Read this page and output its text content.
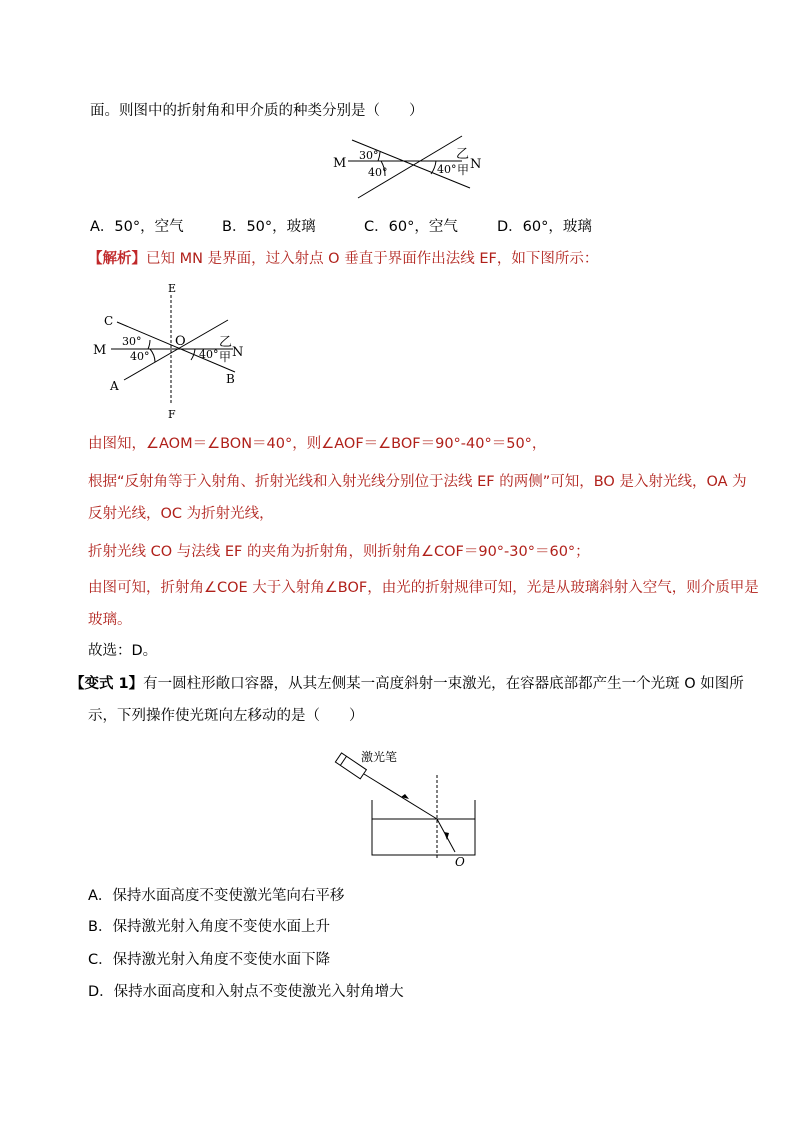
面。则图中的折射角和甲介质的种类分别是（　　）
M	N
30°
40°	40°
乙
甲
A．50°，空气	B．50°，玻璃	C．60°，空气	D．60°，玻璃
【解析】已知 MN 是界面，过入射点 O 垂直于界面作出法线 EF，如下图所示：
E
F
C
O
M	N
A	B
30°
40°	40°
乙
甲
由图知，∠AOM＝∠BON＝40°，则∠AOF＝∠BOF＝90°-40°＝50°，
根据“反射角等于入射角、折射光线和入射光线分别位于法线 EF 的两侧”可知，BO 是入射光线，OA 为
反射光线，OC 为折射光线，
折射光线 CO 与法线 EF 的夹角为折射角，则折射角∠COF＝90°-30°＝60°；
由图可知，折射角∠COE 大于入射角∠BOF，由光的折射规律可知，光是从玻璃斜射入空气，则介质甲是
玻璃。
故选：D。
【变式 1】有一圆柱形敞口容器，从其左侧某一高度斜射一束激光，在容器底部都产生一个光斑 O 如图所
示，下列操作使光斑向左移动的是（　　）
激光笔
O
A．保持水面高度不变使激光笔向右平移
B．保持激光射入角度不变使水面上升
C．保持激光射入角度不变使水面下降
D．保持水面高度和入射点不变使激光入射角增大
